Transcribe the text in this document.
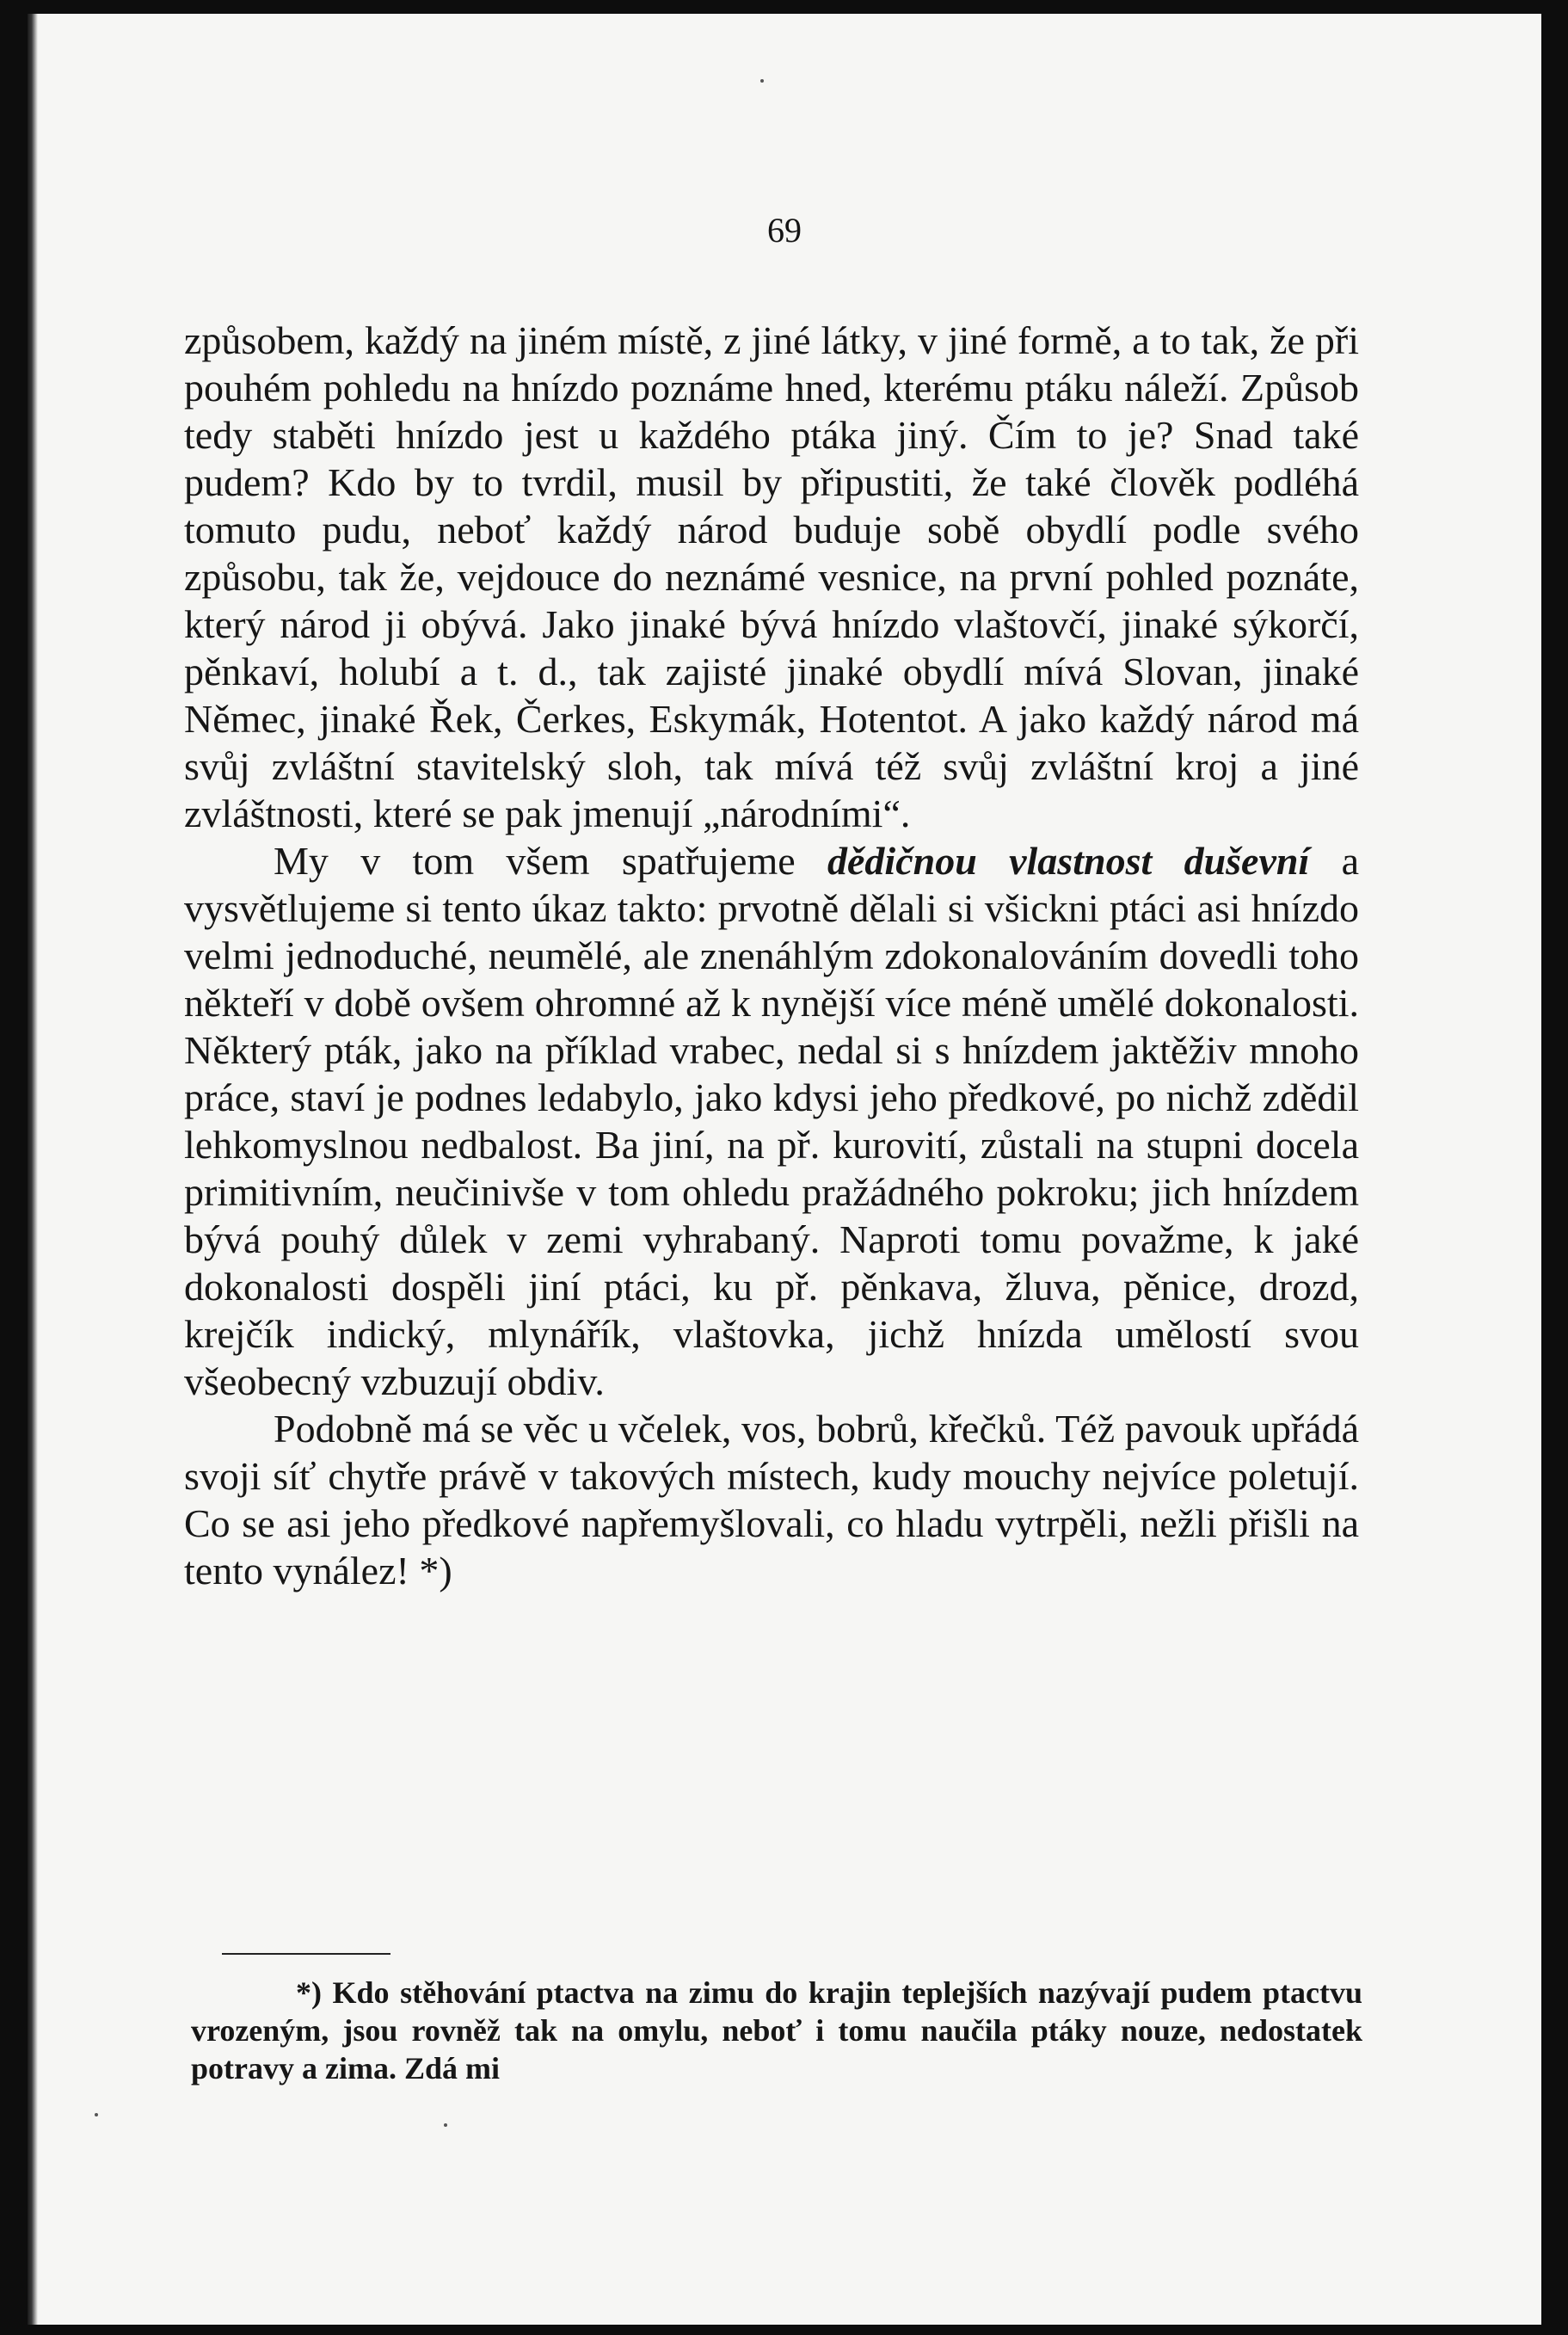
69

způsobem, každý na jiném místě, z jiné látky, v jiné formě, a to tak, že při pouhém pohledu na hnízdo poznáme hned, kterému ptáku náleží. Způsob tedy staběti hnízdo jest u každého ptáka jiný. Čím to je? Snad také pudem? Kdo by to tvrdil, musil by připustiti, že také člověk podléhá tomuto pudu, neboť každý národ buduje sobě obydlí podle svého způsobu, tak že, vejdouce do neznámé vesnice, na první pohled poznáte, který národ ji obývá. Jako jinaké bývá hnízdo vlaštovčí, jinaké sýkorčí, pěnkaví, holubí a t. d., tak zajisté jinaké obydlí mívá Slovan, jinaké Němec, jinaké Řek, Čerkes, Eskymák, Hotentot. A jako každý národ má svůj zvláštní stavitelský sloh, tak mívá též svůj zvláštní kroj a jiné zvláštnosti, které se pak jmenují „národními“.

My v tom všem spatřujeme dědičnou vlastnost duševní a vysvětlujeme si tento úkaz takto: prvotně dělali si všickni ptáci asi hnízdo velmi jednoduché, neumělé, ale znenáhlým zdokonalováním dovedli toho někteří v době ovšem ohromné až k nynější více méně umělé dokonalosti. Některý pták, jako na příklad vrabec, nedal si s hnízdem jaktěživ mnoho práce, staví je podnes ledabylo, jako kdysi jeho předkové, po nichž zdědil lehkomyslnou nedbalost. Ba jiní, na př. kurovití, zůstali na stupni docela primitivním, neučinivše v tom ohledu pražádného pokroku; jich hnízdem bývá pouhý důlek v zemi vyhrabaný. Naproti tomu považme, k jaké dokonalosti dospěli jiní ptáci, ku př. pěnkava, žluva, pěnice, drozd, krejčík indický, mlynářík, vlaštovka, jichž hnízda umělostí svou všeobecný vzbuzují obdiv.

Podobně má se věc u včelek, vos, bobrů, křečků. Též pavouk upřádá svoji síť chytře právě v takových místech, kudy mouchy nejvíce poletují. Co se asi jeho předkové napřemyšlovali, co hladu vytrpěli, nežli přišli na tento vynález! *)

*) Kdo stěhování ptactva na zimu do krajin teplejších nazývají pudem ptactvu vrozeným, jsou rovněž tak na omylu, neboť i tomu naučila ptáky nouze, nedostatek potravy a zima. Zdá mi
